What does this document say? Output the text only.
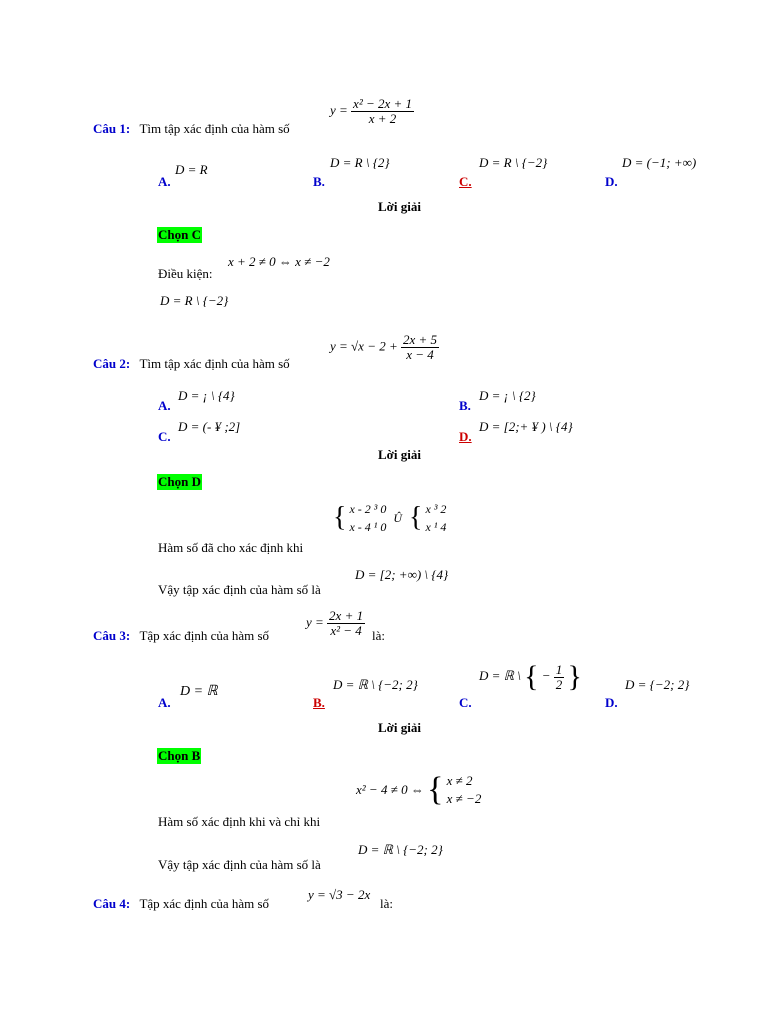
$y = \frac{\text{x² − 2x + 1}}{x + 2}$
Câu 1: Tìm tập xác định của hàm số
D = R
A.
D = R \ {2}
B.
D = R \ {−2}
C.
D = (−1; +∞)
D.
Lời giải
Chọn C
x + 2 ≠ 0 ⇔ x ≠ −2
Điều kiện:
D = R \ {−2}
$y = √x - 2 + \frac{2x + 5}{x - 4}$
Câu 2: Tìm tập xác định của hàm số
D = ¡ \ {4}
A.
D = ¡ \ {2}
B.
D = (- ¥ ;2]
C.
D = [2;+ ¥ ) \ {4}
D.
Lời giải
Chọn D
{ x - 2 ³ 0
x - 4 ¹ 0
Û { x ³ 2
x ¹ 4
Hàm số đã cho xác định khi
D = [2; +∞) \ {4}
Vậy tập xác định của hàm số là
$y = \frac{2x + 1}{\text{x² − 4}}$
Câu 3: Tập xác định của hàm số	là:
D = ℝ
A.
D = ℝ \ {−2; 2}
B.
D = ℝ \ { − $\frac{1}{2}$ }
C.
D = {−2; 2}
D.
Lời giải
Chọn B
x² − 4 ≠ 0 ⇔ { x ≠ 2
x ≠ −2
Hàm số xác định khi và chỉ khi
D = ℝ \ {−2; 2}
Vậy tập xác định của hàm số là
y = √3 − 2x
Câu 4: Tập xác định của hàm số	là:
